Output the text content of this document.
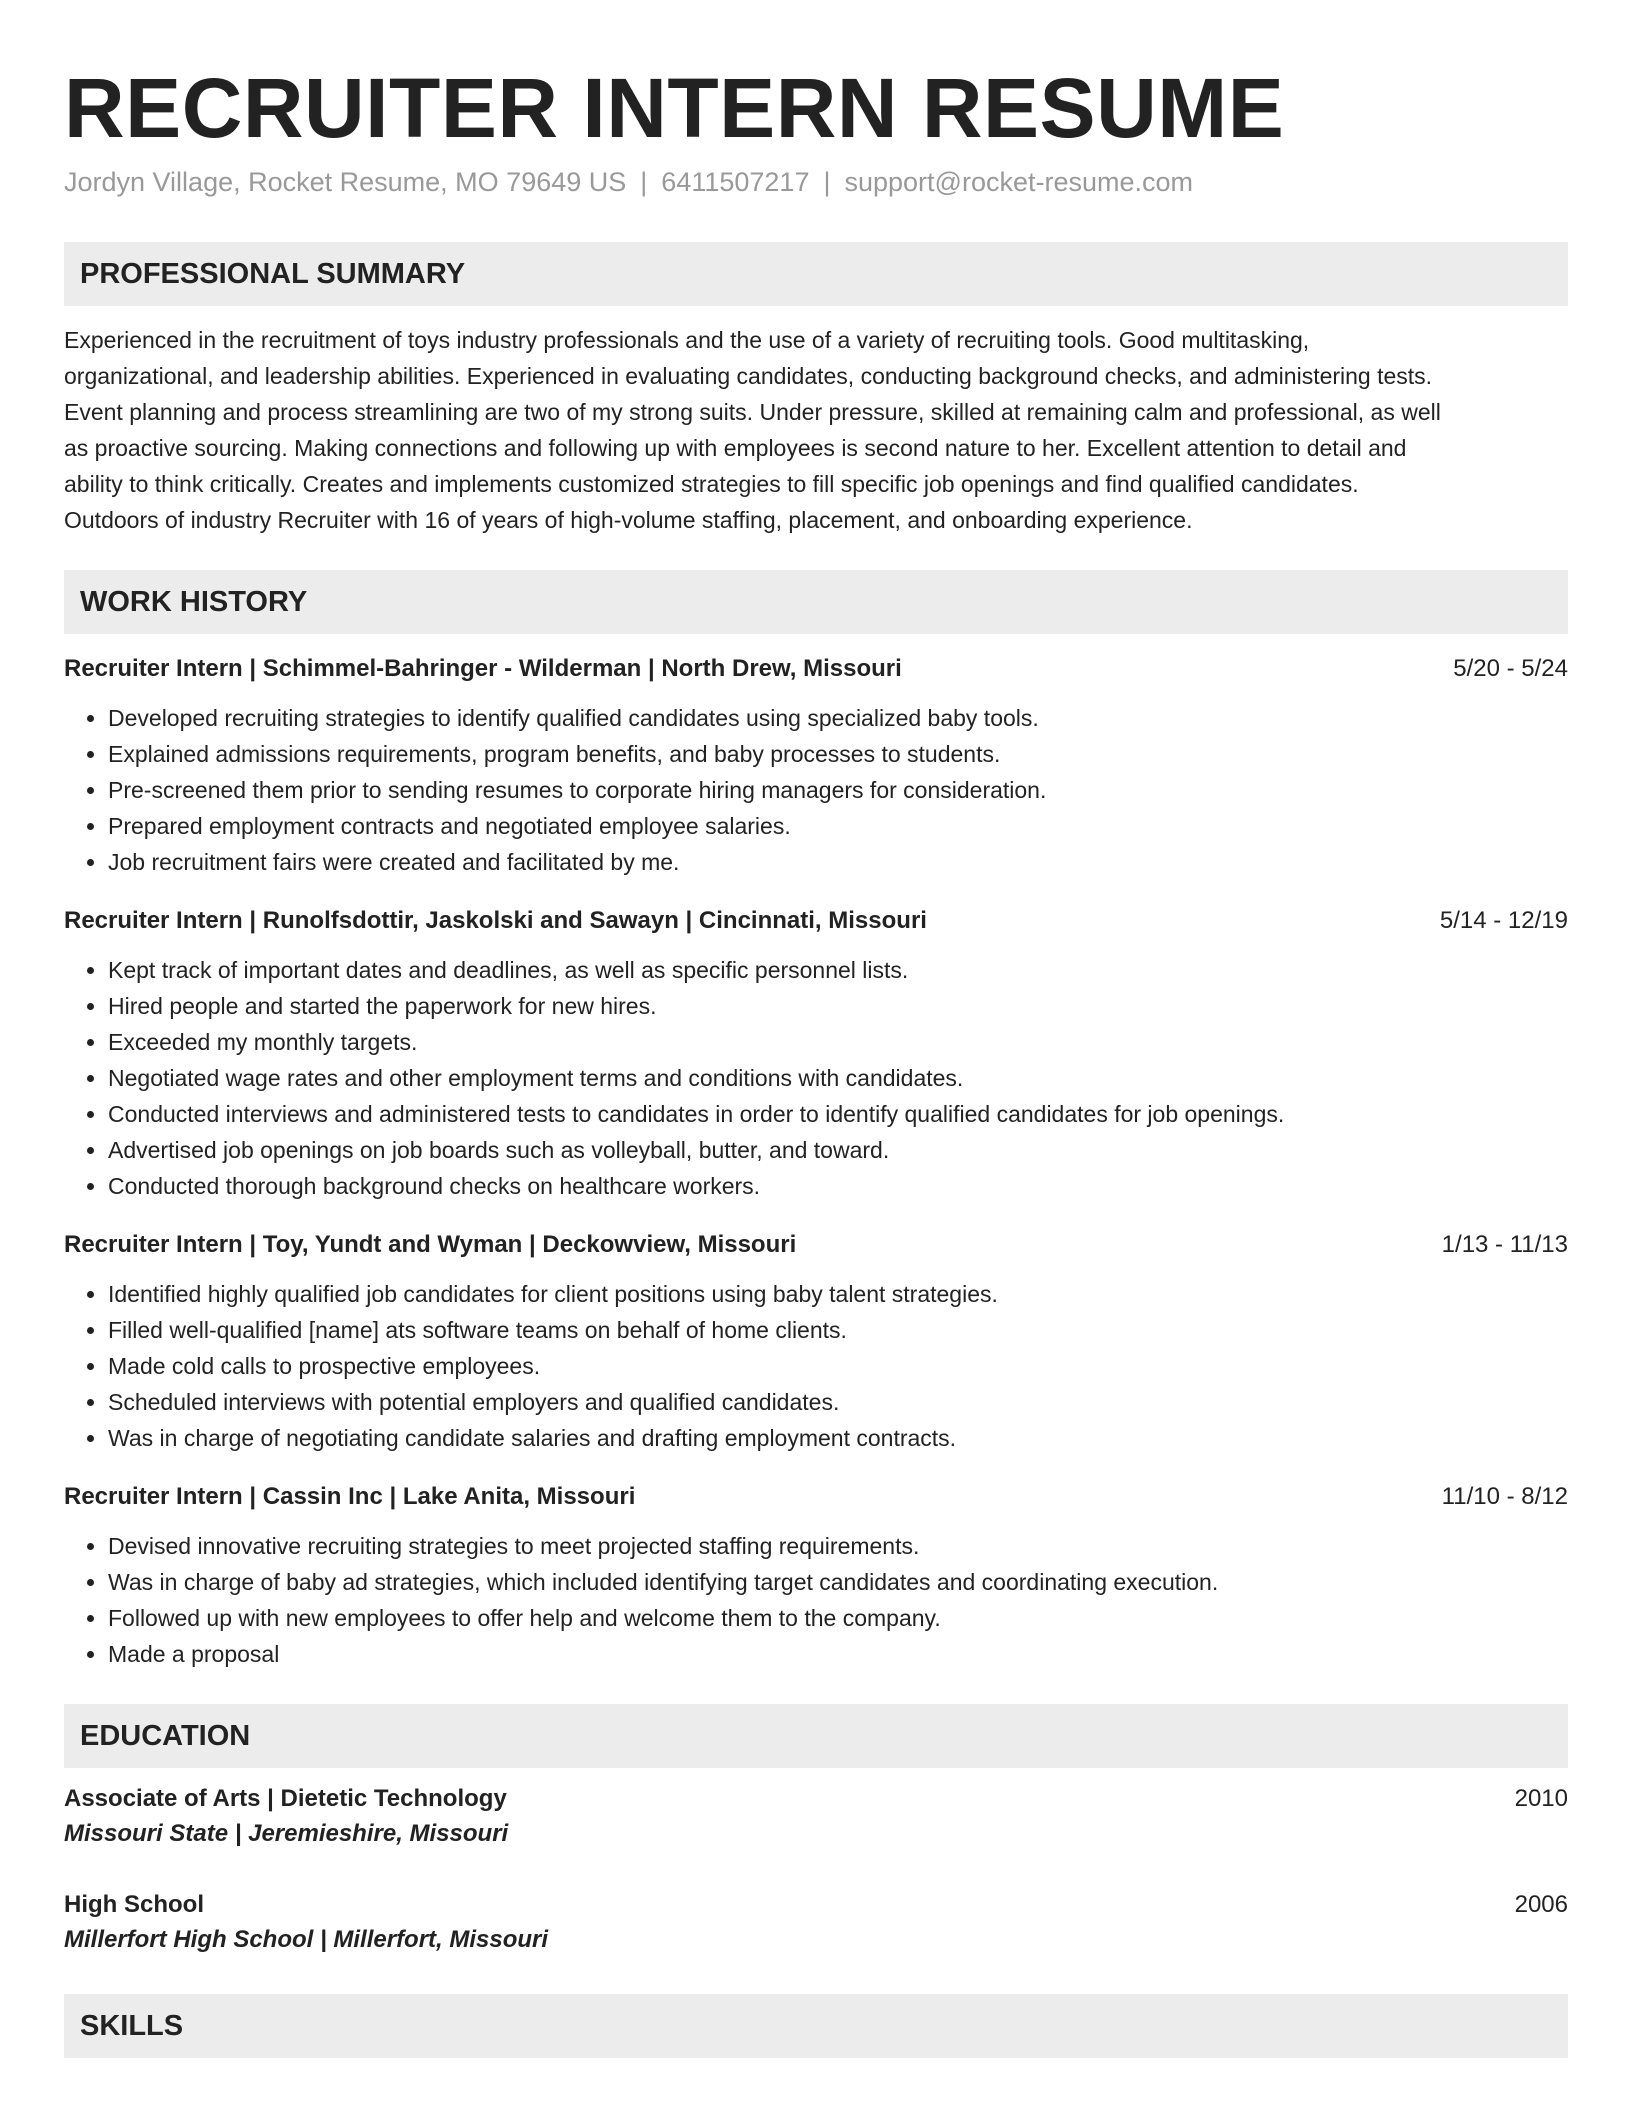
RECRUITER INTERN RESUME
Jordyn Village, Rocket Resume, MO 79649 US | 6411507217 | support@rocket-resume.com
PROFESSIONAL SUMMARY

Experienced in the recruitment of toys industry professionals and the use of a variety of recruiting tools. Good multitasking,

organizational, and leadership abilities. Experienced in evaluating candidates, conducting background checks, and administering tests.

Event planning and process streamlining are two of my strong suits. Under pressure, skilled at remaining calm and professional, as well

as proactive sourcing. Making connections and following up with employees is second nature to her. Excellent attention to detail and

ability to think critically. Creates and implements customized strategies to fill specific job openings and find qualified candidates.

Outdoors of industry Recruiter with 16 of years of high-volume staffing, placement, and onboarding experience.

WORK HISTORY
Recruiter Intern | Schimmel-Bahringer - Wilderman | North Drew, Missouri	5/20 - 5/24
• Developed recruiting strategies to identify qualified candidates using specialized baby tools.
• Explained admissions requirements, program benefits, and baby processes to students.
• Pre-screened them prior to sending resumes to corporate hiring managers for consideration.
• Prepared employment contracts and negotiated employee salaries.
• Job recruitment fairs were created and facilitated by me.
Recruiter Intern | Runolfsdottir, Jaskolski and Sawayn | Cincinnati, Missouri	5/14 - 12/19
• Kept track of important dates and deadlines, as well as specific personnel lists.
• Hired people and started the paperwork for new hires.
• Exceeded my monthly targets.
• Negotiated wage rates and other employment terms and conditions with candidates.
• Conducted interviews and administered tests to candidates in order to identify qualified candidates for job openings.
• Advertised job openings on job boards such as volleyball, butter, and toward.
• Conducted thorough background checks on healthcare workers.
Recruiter Intern | Toy, Yundt and Wyman | Deckowview, Missouri	1/13 - 11/13
• Identified highly qualified job candidates for client positions using baby talent strategies.
• Filled well-qualified [name] ats software teams on behalf of home clients.
• Made cold calls to prospective employees.
• Scheduled interviews with potential employers and qualified candidates.
• Was in charge of negotiating candidate salaries and drafting employment contracts.
Recruiter Intern | Cassin Inc | Lake Anita, Missouri	11/10 - 8/12
• Devised innovative recruiting strategies to meet projected staffing requirements.
• Was in charge of baby ad strategies, which included identifying target candidates and coordinating execution.
• Followed up with new employees to offer help and welcome them to the company.
• Made a proposal
EDUCATION
Associate of Arts | Dietetic Technology	2010
Missouri State | Jeremieshire, Missouri
High School	2006
Millerfort High School | Millerfort, Missouri
SKILLS
